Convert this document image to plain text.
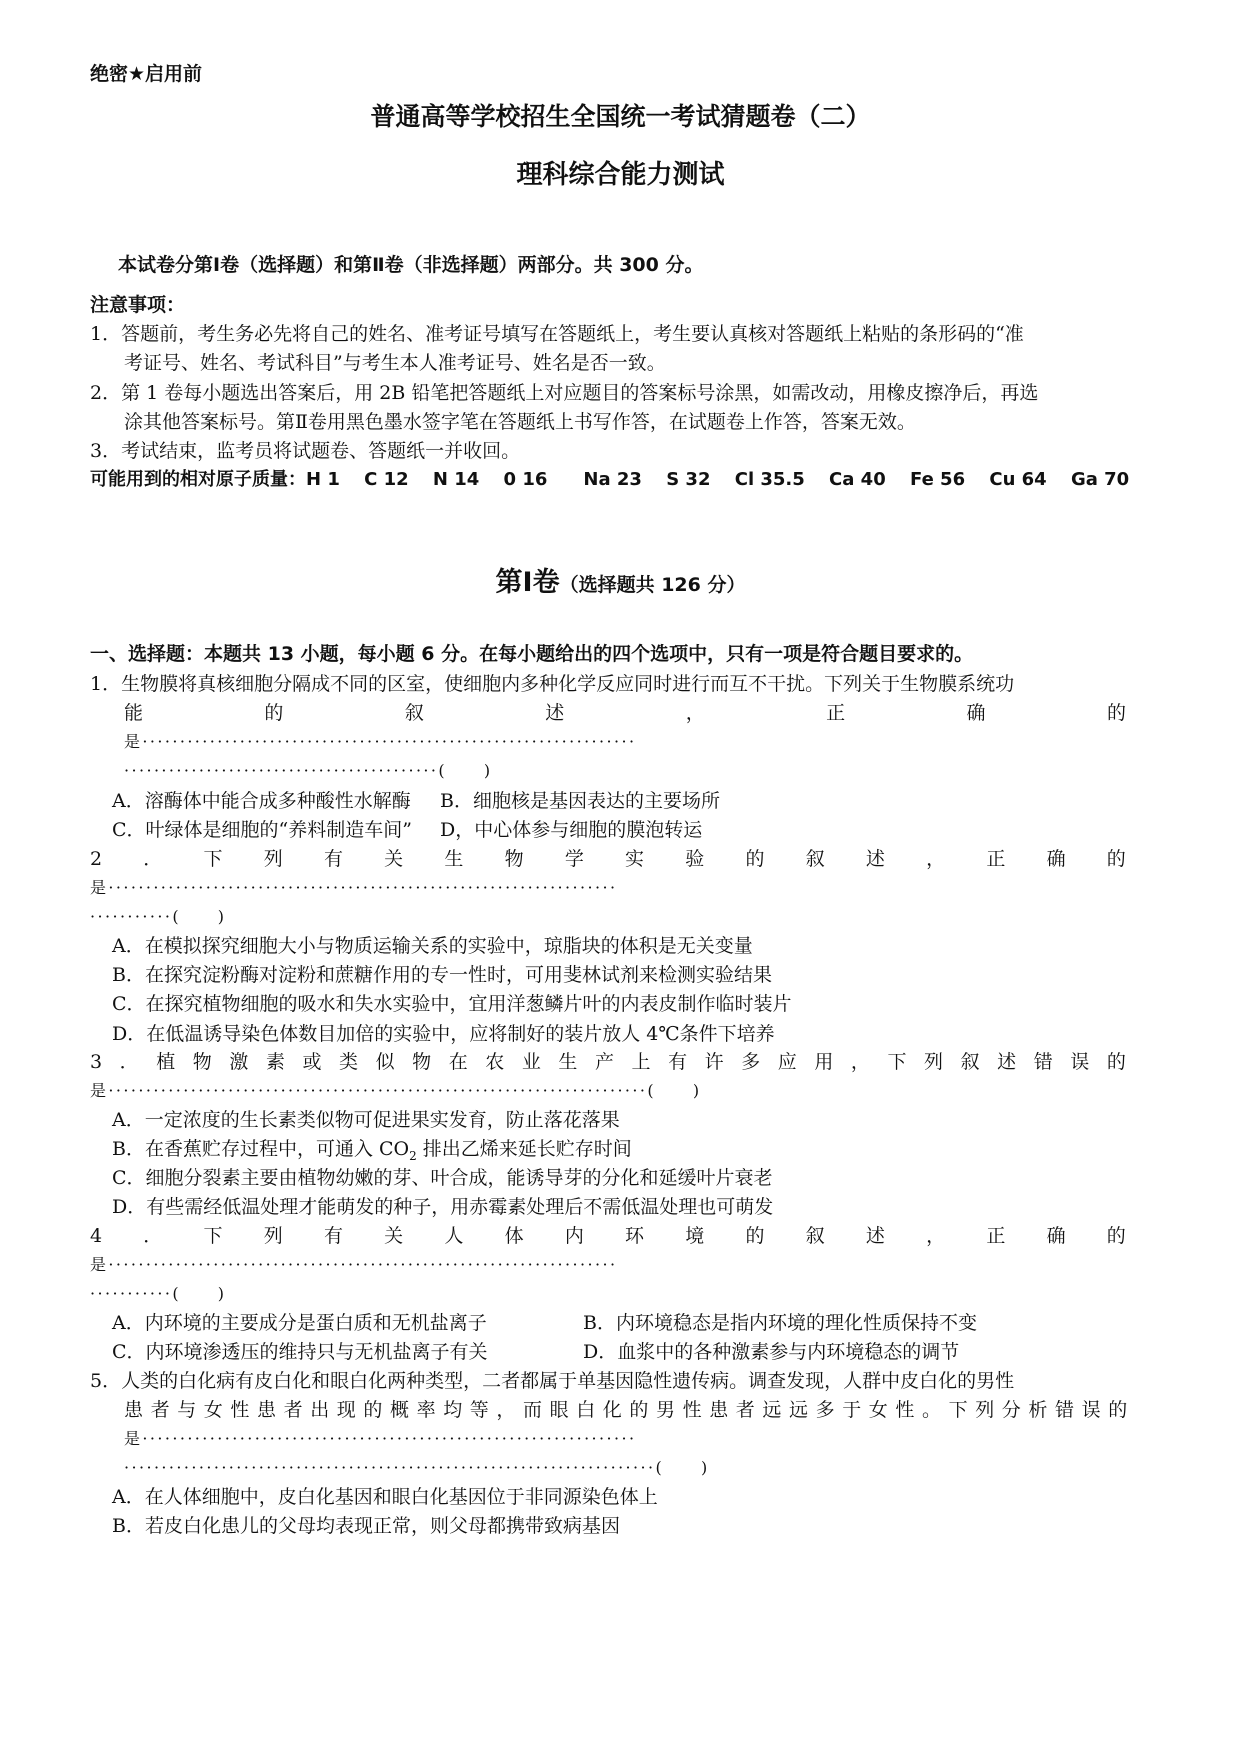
绝密★启用前
普通高等学校招生全国统一考试猜题卷（二）
理科综合能力测试
本试卷分第Ⅰ卷（选择题）和第Ⅱ卷（非选择题）两部分。共 300 分。
注意事项：
1．答题前，考生务必先将自己的姓名、准考证号填写在答题纸上，考生要认真核对答题纸上粘贴的条形码的“准
考证号、姓名、考试科目”与考生本人准考证号、姓名是否一致。
2．第 1 卷每小题选出答案后，用 2B 铅笔把答题纸上对应题目的答案标号涂黑，如需改动，用橡皮擦净后，再选
涂其他答案标号。第Ⅱ卷用黑色墨水签字笔在答题纸上书写作答，在试题卷上作答，答案无效。
3．考试结束，监考员将试题卷、答题纸一并收回。
可能用到的相对原子质量：H 1　 C 12　 N 14　 0 16　　Na 23　 S 32　 Cl 35.5　 Ca 40　 Fe 56　 Cu 64　 Ga 70
第Ⅰ卷（选择题共 126 分）
一、选择题：本题共 13 小题，每小题 6 分。在每小题给出的四个选项中，只有一项是符合题目要求的。
1．生物膜将真核细胞分隔成不同的区室，使细胞内多种化学反应同时进行而互不干扰。下列关于生物膜系统功
能	的	叙	述	，	正	确	的
是··································································
··········································(　　)
A．溶酶体中能合成多种酸性水解酶 B．细胞核是基因表达的主要场所
C．叶绿体是细胞的“养料制造车间” D，中心体参与细胞的膜泡转运
2 ． 下 列 有 关 生 物 学 实 验 的 叙 述 ， 正 确 的
是····································································
···········(　　)
A．在模拟探究细胞大小与物质运输关系的实验中，琼脂块的体积是无关变量
B．在探究淀粉酶对淀粉和蔗糖作用的专一性时，可用斐林试剂来检测实验结果
C．在探究植物细胞的吸水和失水实验中，宜用洋葱鳞片叶的内表皮制作临时装片
D．在低温诱导染色体数目加倍的实验中，应将制好的装片放人 4℃条件下培养
3 ． 植 物 激 素 或 类 似 物 在 农 业 生 产 上 有 许 多 应 用 ， 下 列 叙 述 错 误 的
是········································································(　　)
A．一定浓度的生长素类似物可促进果实发育，防止落花落果
B．在香蕉贮存过程中，可通入 $CO_2$ 排出乙烯来延长贮存时间
C．细胞分裂素主要由植物幼嫩的芽、叶合成，能诱导芽的分化和延缓叶片衰老
D．有些需经低温处理才能萌发的种子，用赤霉素处理后不需低温处理也可萌发
4 ． 下 列 有 关 人 体 内 环 境 的 叙 述 ， 正 确 的
是····································································
···········(　　)
A．内环境的主要成分是蛋白质和无机盐离子	B．内环境稳态是指内环境的理化性质保持不变
C．内环境渗透压的维持只与无机盐离子有关	D．血浆中的各种激素参与内环境稳态的调节
5．人类的白化病有皮白化和眼白化两种类型，二者都属于单基因隐性遗传病。调查发现，人群中皮白化的男性
患者与女性患者出现的概率均等，而眼白化的男性患者远远多于女性。下列分析错误的
是··································································
·······································································(　　)
A．在人体细胞中，皮白化基因和眼白化基因位于非同源染色体上
B．若皮白化患儿的父母均表现正常，则父母都携带致病基因
